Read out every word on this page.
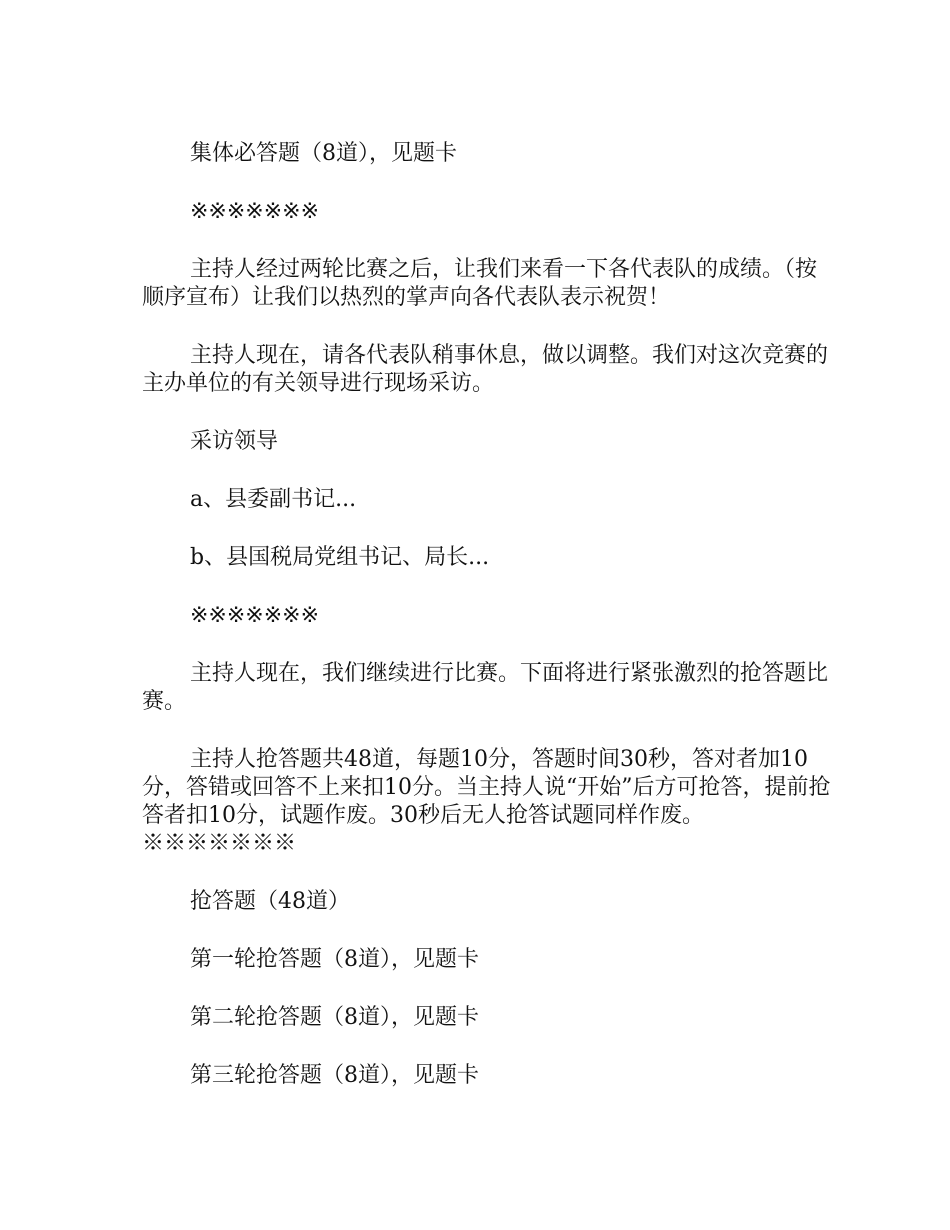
集体必答题（8道），见题卡

※※※※※※※

主持人经过两轮比赛之后，让我们来看一下各代表队的成绩。（按顺序宣布）让我们以热烈的掌声向各代表队表示祝贺！

主持人现在，请各代表队稍事休息，做以调整。我们对这次竞赛的主办单位的有关领导进行现场采访。

采访领导

a、县委副书记...

b、县国税局党组书记、局长...

※※※※※※※

主持人现在，我们继续进行比赛。下面将进行紧张激烈的抢答题比赛。

主持人抢答题共48道，每题10分，答题时间30秒，答对者加10分，答错或回答不上来扣10分。当主持人说“开始”后方可抢答，提前抢答者扣10分，试题作废。30秒后无人抢答试题同样作废。※※※※※※※

抢答题（48道）

第一轮抢答题（8道），见题卡

第二轮抢答题（8道），见题卡

第三轮抢答题（8道），见题卡
